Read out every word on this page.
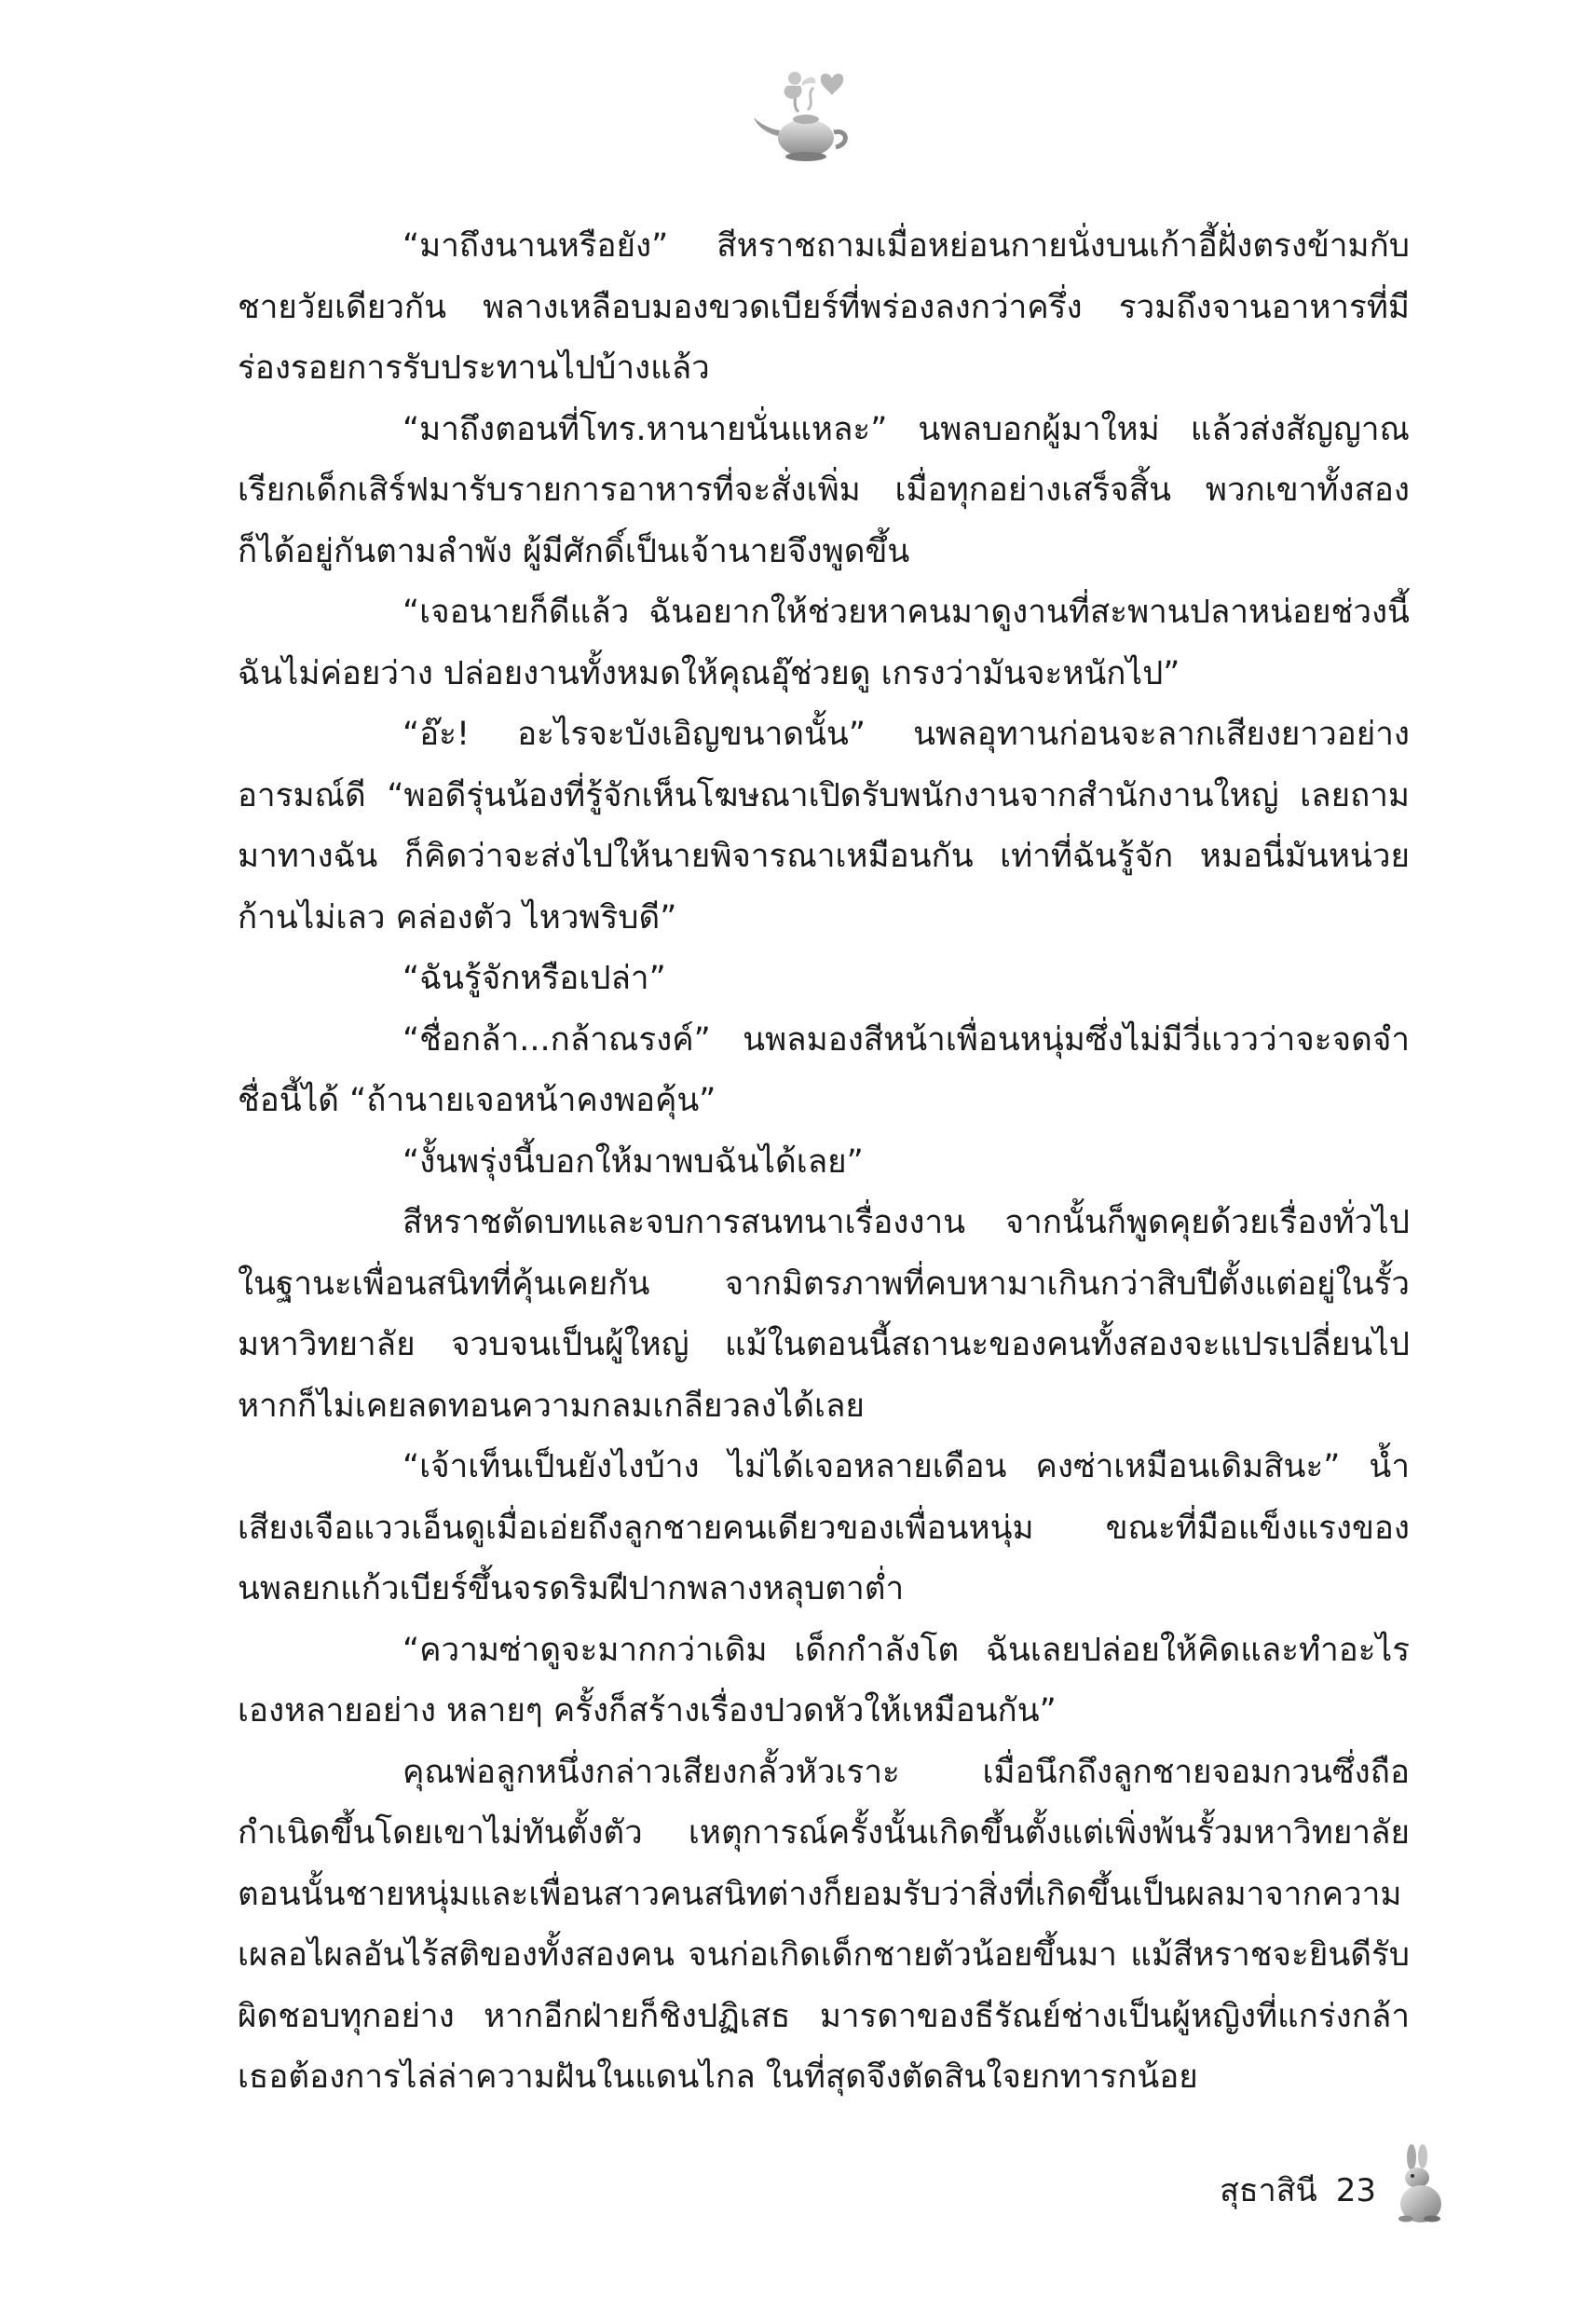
“มาถึงนานหรือยัง” สีหราชถามเมื่อหย่อนกายนั่งบนเก้าอี้ฝั่งตรงข้ามกับชายวัยเดียวกัน พลางเหลือบมองขวดเบียร์ที่พร่องลงกว่าครึ่ง รวมถึงจานอาหารที่มีร่องรอยการรับประทานไปบ้างแล้ว

“มาถึงตอนที่โทร.หานายนั่นแหละ” นพลบอกผู้มาใหม่ แล้วส่งสัญญาณเรียกเด็กเสิร์ฟมารับรายการอาหารที่จะสั่งเพิ่ม เมื่อทุกอย่างเสร็จสิ้น พวกเขาทั้งสองก็ได้อยู่กันตามลำพัง ผู้มีศักดิ์เป็นเจ้านายจึงพูดขึ้น

“เจอนายก็ดีแล้ว ฉันอยากให้ช่วยหาคนมาดูงานที่สะพานปลาหน่อยช่วงนี้ฉันไม่ค่อยว่าง ปล่อยงานทั้งหมดให้คุณอุ๊ช่วยดู เกรงว่ามันจะหนักไป”

“อ๊ะ! อะไรจะบังเอิญขนาดนั้น” นพลอุทานก่อนจะลากเสียงยาวอย่างอารมณ์ดี “พอดีรุ่นน้องที่รู้จักเห็นโฆษณาเปิดรับพนักงานจากสำนักงานใหญ่ เลยถามมาทางฉัน ก็คิดว่าจะส่งไปให้นายพิจารณาเหมือนกัน เท่าที่ฉันรู้จัก หมอนี่มันหน่วยก้านไม่เลว คล่องตัว ไหวพริบดี”

“ฉันรู้จักหรือเปล่า”

“ชื่อกล้า...กล้าณรงค์” นพลมองสีหน้าเพื่อนหนุ่มซึ่งไม่มีวี่แววว่าจะจดจำชื่อนี้ได้ “ถ้านายเจอหน้าคงพอคุ้น”

“งั้นพรุ่งนี้บอกให้มาพบฉันได้เลย”

สีหราชตัดบทและจบการสนทนาเรื่องงาน จากนั้นก็พูดคุยด้วยเรื่องทั่วไปในฐานะเพื่อนสนิทที่คุ้นเคยกัน จากมิตรภาพที่คบหามาเกินกว่าสิบปีตั้งแต่อยู่ในรั้วมหาวิทยาลัย จวบจนเป็นผู้ใหญ่ แม้ในตอนนี้สถานะของคนทั้งสองจะแปรเปลี่ยนไป หากก็ไม่เคยลดทอนความกลมเกลียวลงได้เลย

“เจ้าเท็นเป็นยังไงบ้าง ไม่ได้เจอหลายเดือน คงซ่าเหมือนเดิมสินะ” น้ำเสียงเจือแววเอ็นดูเมื่อเอ่ยถึงลูกชายคนเดียวของเพื่อนหนุ่ม ขณะที่มือแข็งแรงของนพลยกแก้วเบียร์ขึ้นจรดริมฝีปากพลางหลุบตาต่ำ

“ความซ่าดูจะมากกว่าเดิม เด็กกำลังโต ฉันเลยปล่อยให้คิดและทำอะไรเองหลายอย่าง หลายๆ ครั้งก็สร้างเรื่องปวดหัวให้เหมือนกัน”

คุณพ่อลูกหนึ่งกล่าวเสียงกลั้วหัวเราะ เมื่อนึกถึงลูกชายจอมกวนซึ่งถือกำเนิดขึ้นโดยเขาไม่ทันตั้งตัว เหตุการณ์ครั้งนั้นเกิดขึ้นตั้งแต่เพิ่งพ้นรั้วมหาวิทยาลัย ตอนนั้นชายหนุ่มและเพื่อนสาวคนสนิทต่างก็ยอมรับว่าสิ่งที่เกิดขึ้นเป็นผลมาจากความเผลอไผลอันไร้สติของทั้งสองคน จนก่อเกิดเด็กชายตัวน้อยขึ้นมา แม้สีหราชจะยินดีรับผิดชอบทุกอย่าง หากอีกฝ่ายก็ชิงปฏิเสธ มารดาของธีรัณย์ช่างเป็นผู้หญิงที่แกร่งกล้า เธอต้องการไล่ล่าความฝันในแดนไกล ในที่สุดจึงตัดสินใจยกทารกน้อย

สุธาสินี 23
